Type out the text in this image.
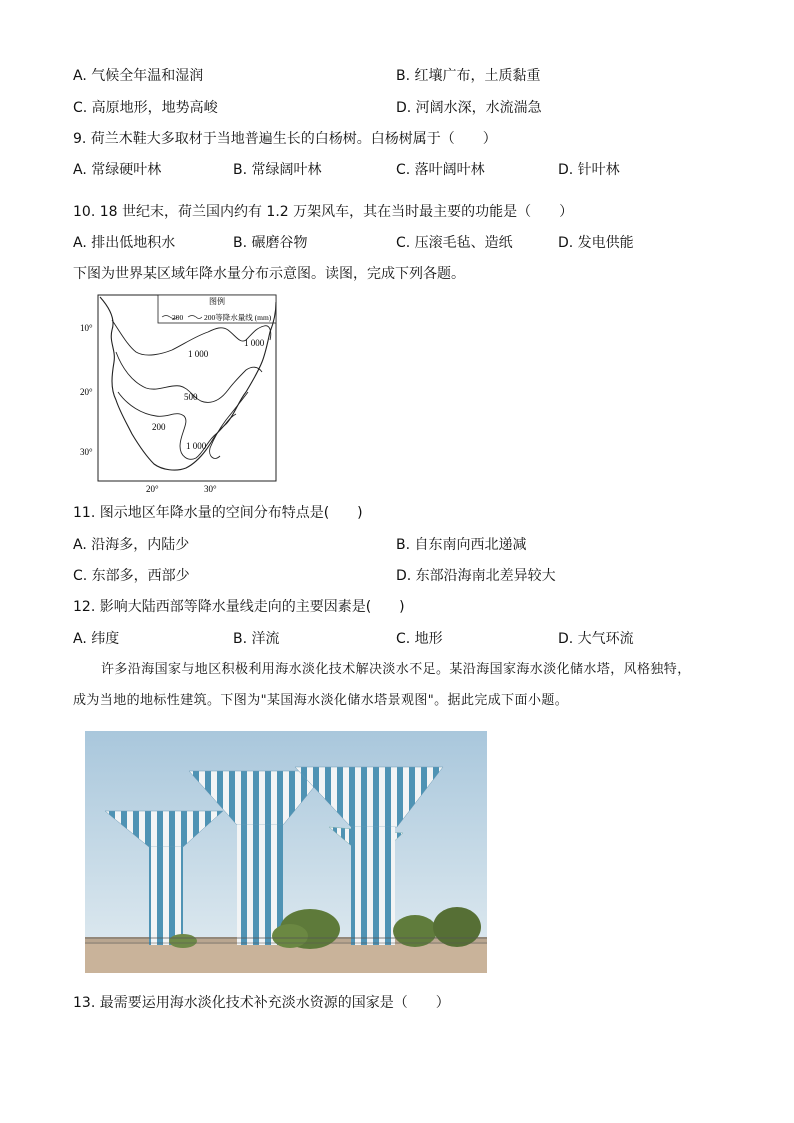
A. 气候全年温和湿润	B. 红壤广布，土质黏重
C. 高原地形，地势高峻	D. 河阔水深，水流湍急
9. 荷兰木鞋大多取材于当地普遍生长的白杨树。白杨树属于（　　）
A. 常绿硬叶林	B. 常绿阔叶林	C. 落叶阔叶林	D. 针叶林
10. 18 世纪末，荷兰国内约有 1.2 万架风车，其在当时最主要的功能是（　　）
A. 排出低地积水	B. 碾磨谷物	C. 压滚毛毡、造纸	D. 发电供能
下图为世界某区域年降水量分布示意图。读图，完成下列各题。
图例
200	200等降水量线 (mm)
10°
20°
30°
20°	30°
1 000
1 000
500
200
1 000
11. 图示地区年降水量的空间分布特点是(　　)
A. 沿海多，内陆少	B. 自东南向西北递减
C. 东部多，西部少	D. 东部沿海南北差异较大
12. 影响大陆西部等降水量线走向的主要因素是(　　)
A. 纬度	B. 洋流	C. 地形	D. 大气环流
许多沿海国家与地区积极利用海水淡化技术解决淡水不足。某沿海国家海水淡化储水塔，风格独特，
成为当地的地标性建筑。下图为"某国海水淡化储水塔景观图"。据此完成下面小题。
13. 最需要运用海水淡化技术补充淡水资源的国家是（　　）
